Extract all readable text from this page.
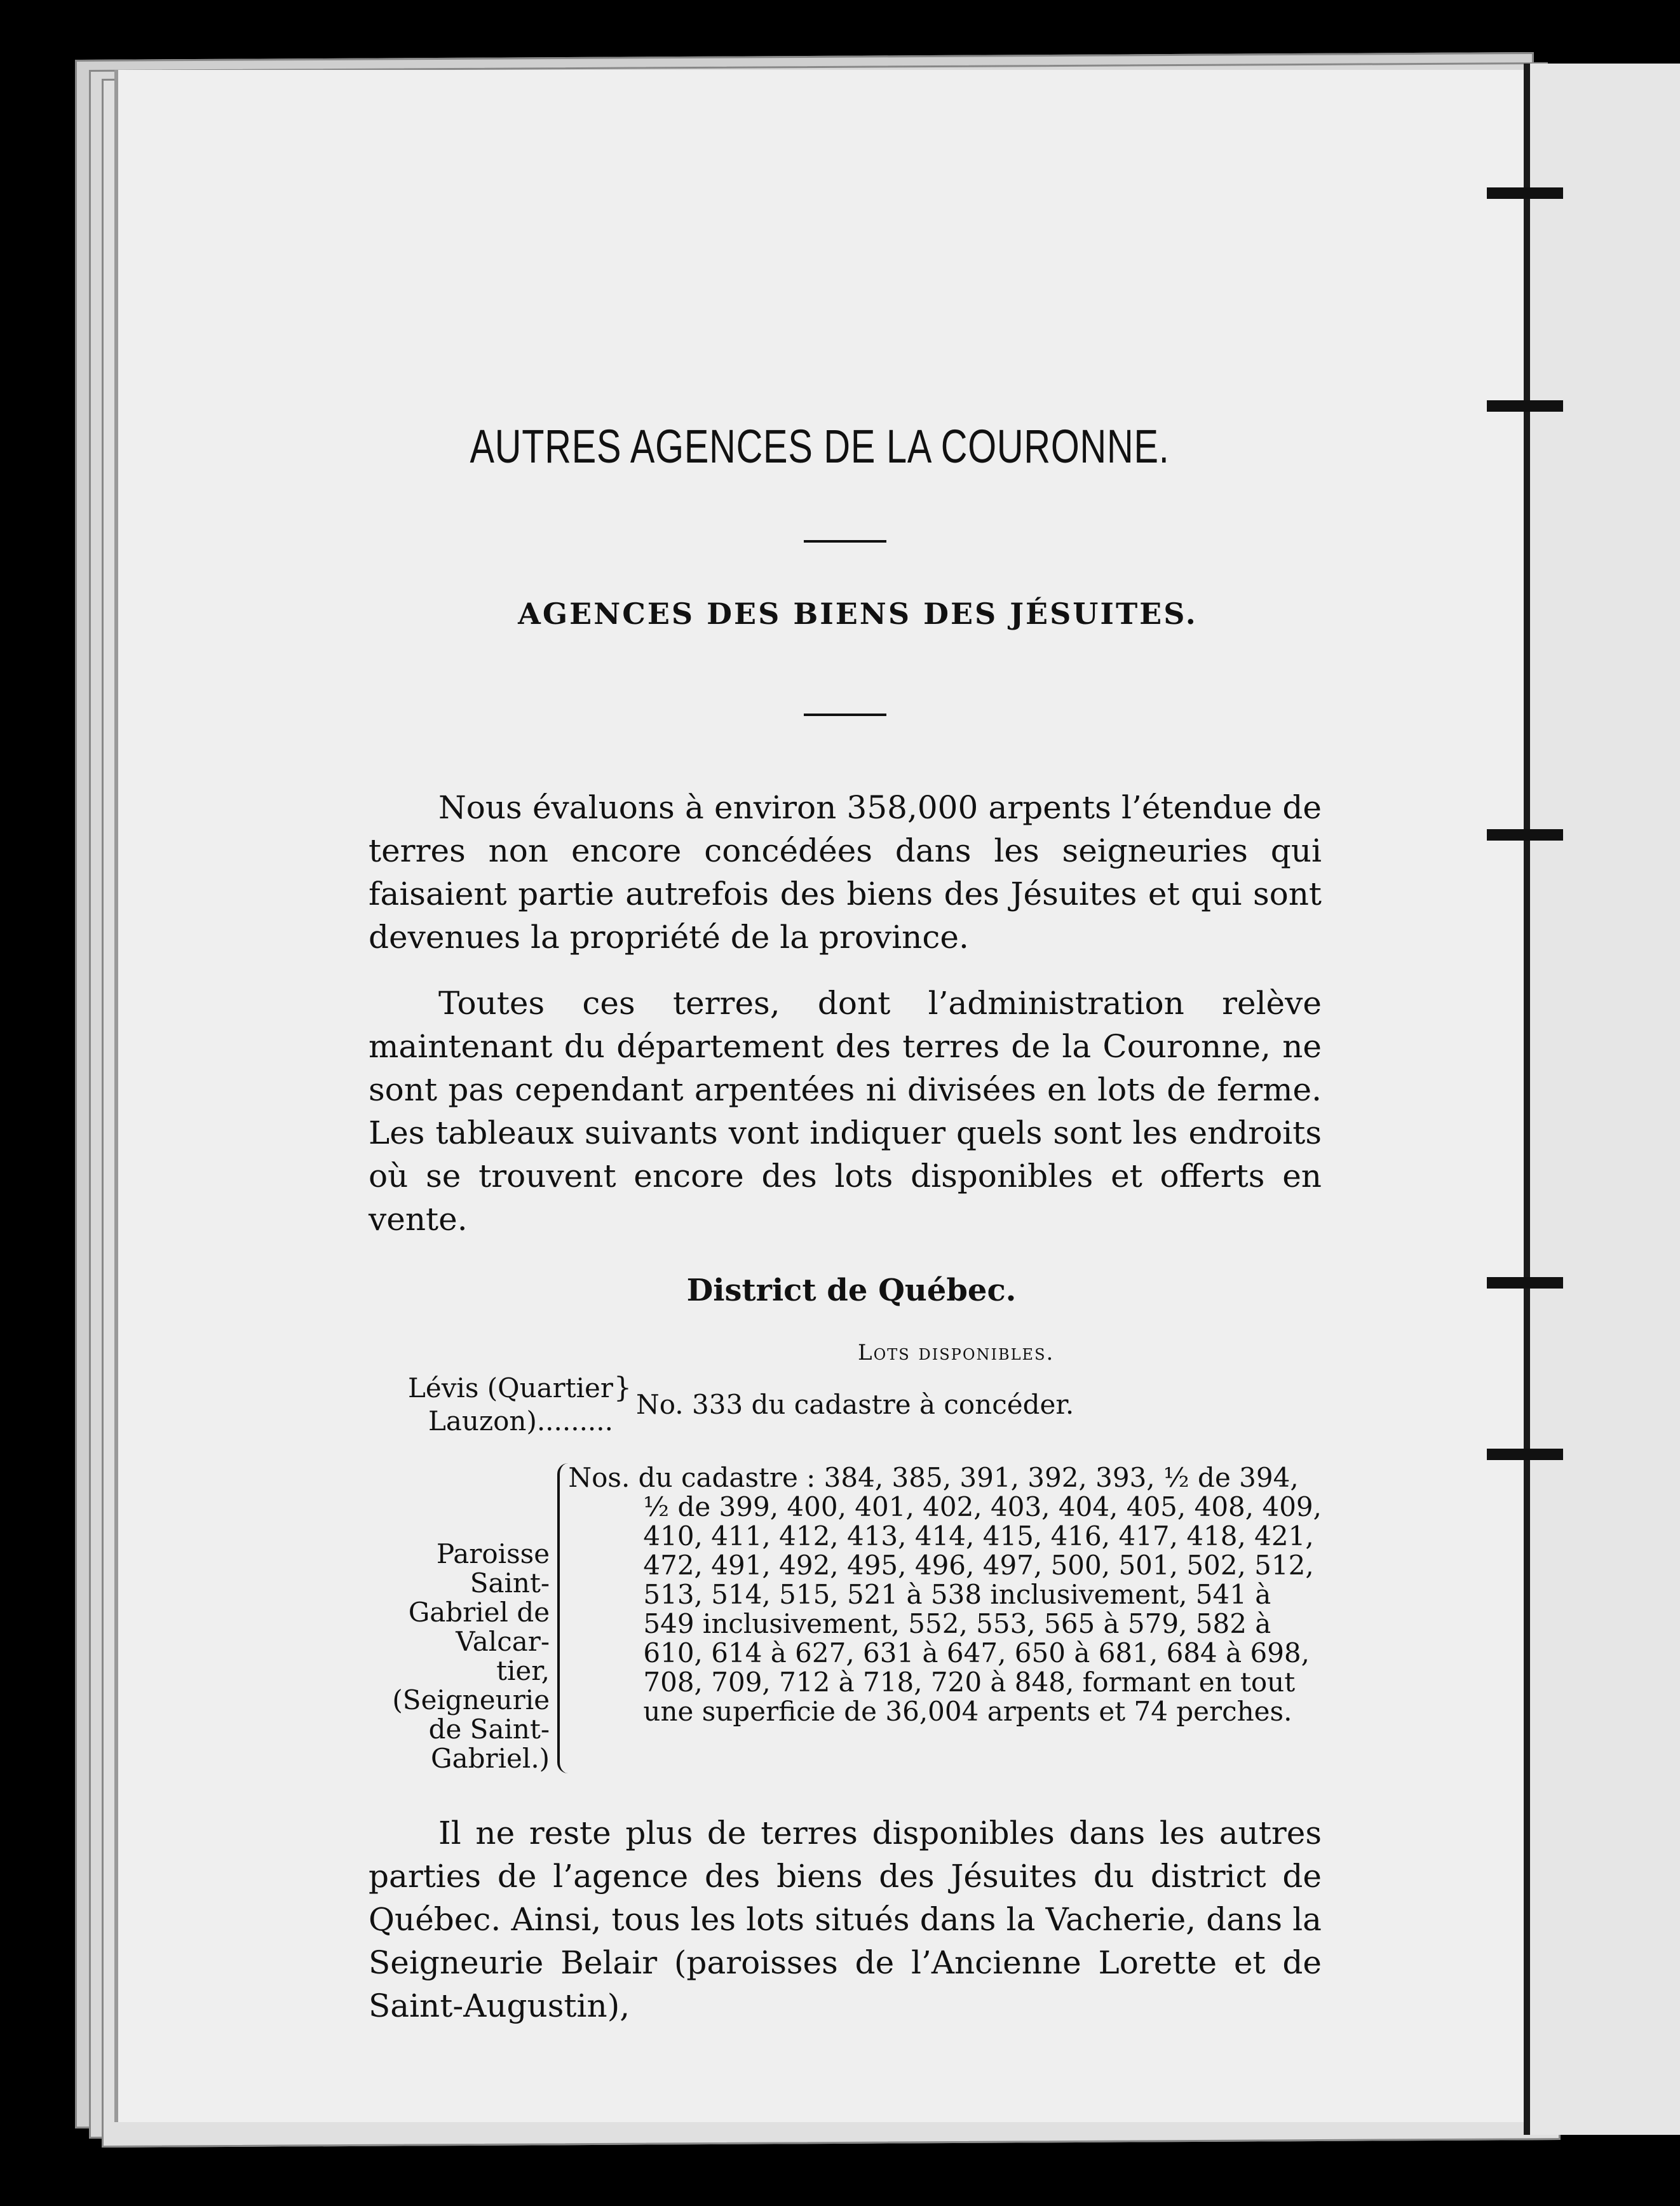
AUTRES AGENCES DE LA COURONNE.
AGENCES DES BIENS DES JÉSUITES.

Nous évaluons à environ 358,000 arpents l’étendue de terres non encore concédées dans les seigneuries qui faisaient partie autrefois des biens des Jésuites et qui sont devenues la propriété de la province.

Toutes ces terres, dont l’administration relève maintenant du département des terres de la Couronne, ne sont pas cependant arpentées ni divisées en lots de ferme. Les tableaux suivants vont indiquer quels sont les endroits où se trouvent encore des lots disponibles et offerts en vente.

District de Québec.
Lots disponibles.
Lévis (Quartier
Lauzon).........
}
No. 333 du cadastre à concéder.
Paroisse Saint-
Gabriel de Valcar-
tier, (Seigneurie
de Saint-Gabriel.)
Nos. du cadastre : 384, 385, 391, 392, 393, ½ de 394,
½ de 399, 400, 401, 402, 403, 404, 405, 408, 409,
410, 411, 412, 413, 414, 415, 416, 417, 418, 421,
472, 491, 492, 495, 496, 497, 500, 501, 502, 512,
513, 514, 515, 521 à 538 inclusivement, 541 à
549 inclusivement, 552, 553, 565 à 579, 582 à
610, 614 à 627, 631 à 647, 650 à 681, 684 à 698,
708, 709, 712 à 718, 720 à 848, formant en tout
une superficie de 36,004 arpents et 74 perches.

Il ne reste plus de terres disponibles dans les autres parties de l’agence des biens des Jésuites du district de Québec. Ainsi, tous les lots situés dans la Vacherie, dans la Seigneurie Belair (paroisses de l’Ancienne Lorette et de Saint-Augustin),
